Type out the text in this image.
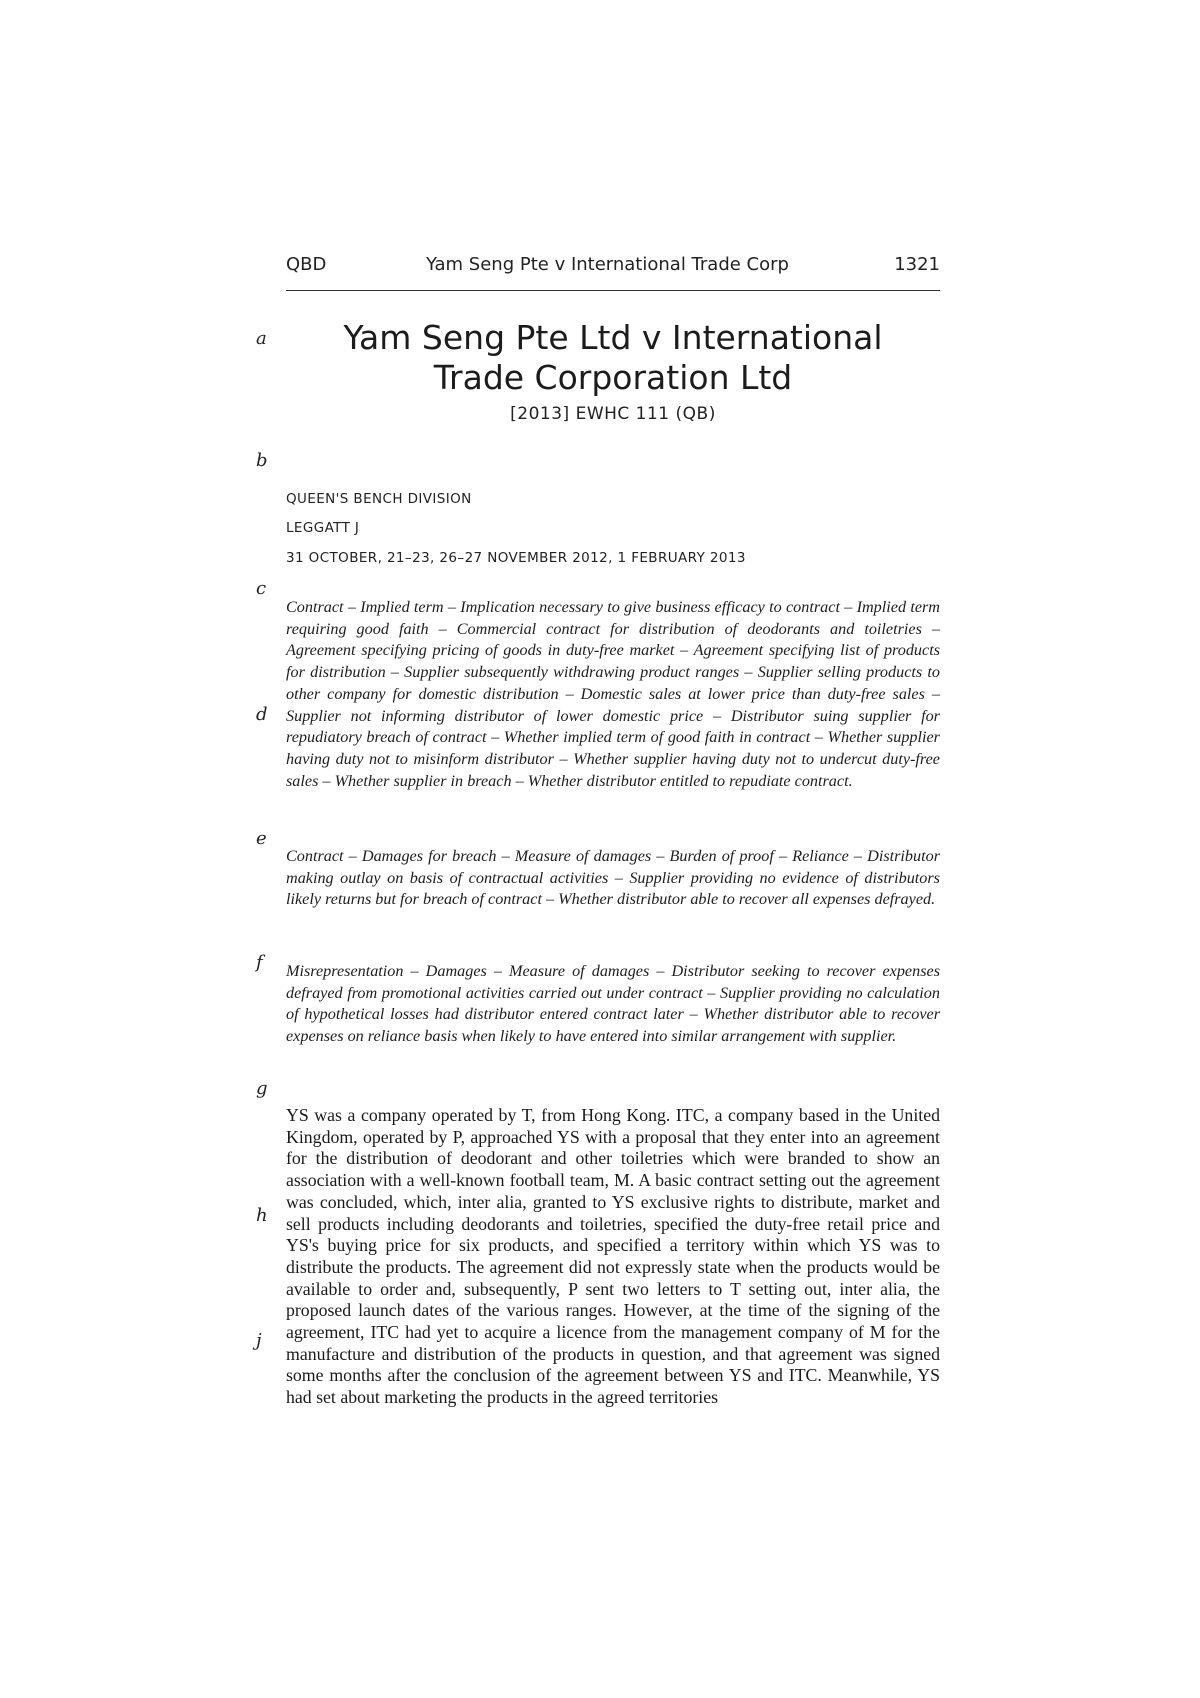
QBD	Yam Seng Pte v International Trade Corp	1321
a
b
c
d
e
f
g
h
j
Yam Seng Pte Ltd v International
Trade Corporation Ltd
[2013] EWHC 111 (QB)
QUEEN'S BENCH DIVISION
LEGGATT J
31 OCTOBER, 21–23, 26–27 NOVEMBER 2012, 1 FEBRUARY 2013

Contract – Implied term – Implication necessary to give business efficacy to contract – Implied term requiring good faith – Commercial contract for distribution of deodorants and toiletries – Agreement specifying pricing of goods in duty-free market – Agreement specifying list of products for distribution – Supplier subsequently withdrawing product ranges – Supplier selling products to other company for domestic distribution – Domestic sales at lower price than duty-free sales – Supplier not informing distributor of lower domestic price – Distributor suing supplier for repudiatory breach of contract – Whether implied term of good faith in contract – Whether supplier having duty not to misinform distributor – Whether supplier having duty not to undercut duty-free sales – Whether supplier in breach – Whether distributor entitled to repudiate contract.

Contract – Damages for breach – Measure of damages – Burden of proof – Reliance – Distributor making outlay on basis of contractual activities – Supplier providing no evidence of distributors likely returns but for breach of contract – Whether distributor able to recover all expenses defrayed.

Misrepresentation – Damages – Measure of damages – Distributor seeking to recover expenses defrayed from promotional activities carried out under contract – Supplier providing no calculation of hypothetical losses had distributor entered contract later – Whether distributor able to recover expenses on reliance basis when likely to have entered into similar arrangement with supplier.

YS was a company operated by T, from Hong Kong. ITC, a company based in the United Kingdom, operated by P, approached YS with a proposal that they enter into an agreement for the distribution of deodorant and other toiletries which were branded to show an association with a well-known football team, M. A basic contract setting out the agreement was concluded, which, inter alia, granted to YS exclusive rights to distribute, market and sell products including deodorants and toiletries, specified the duty-free retail price and YS's buying price for six products, and specified a territory within which YS was to distribute the products. The agreement did not expressly state when the products would be available to order and, subsequently, P sent two letters to T setting out, inter alia, the proposed launch dates of the various ranges. However, at the time of the signing of the agreement, ITC had yet to acquire a licence from the management company of M for the manufacture and distribution of the products in question, and that agreement was signed some months after the conclusion of the agreement between YS and ITC. Meanwhile, YS had set about marketing the products in the agreed territories
